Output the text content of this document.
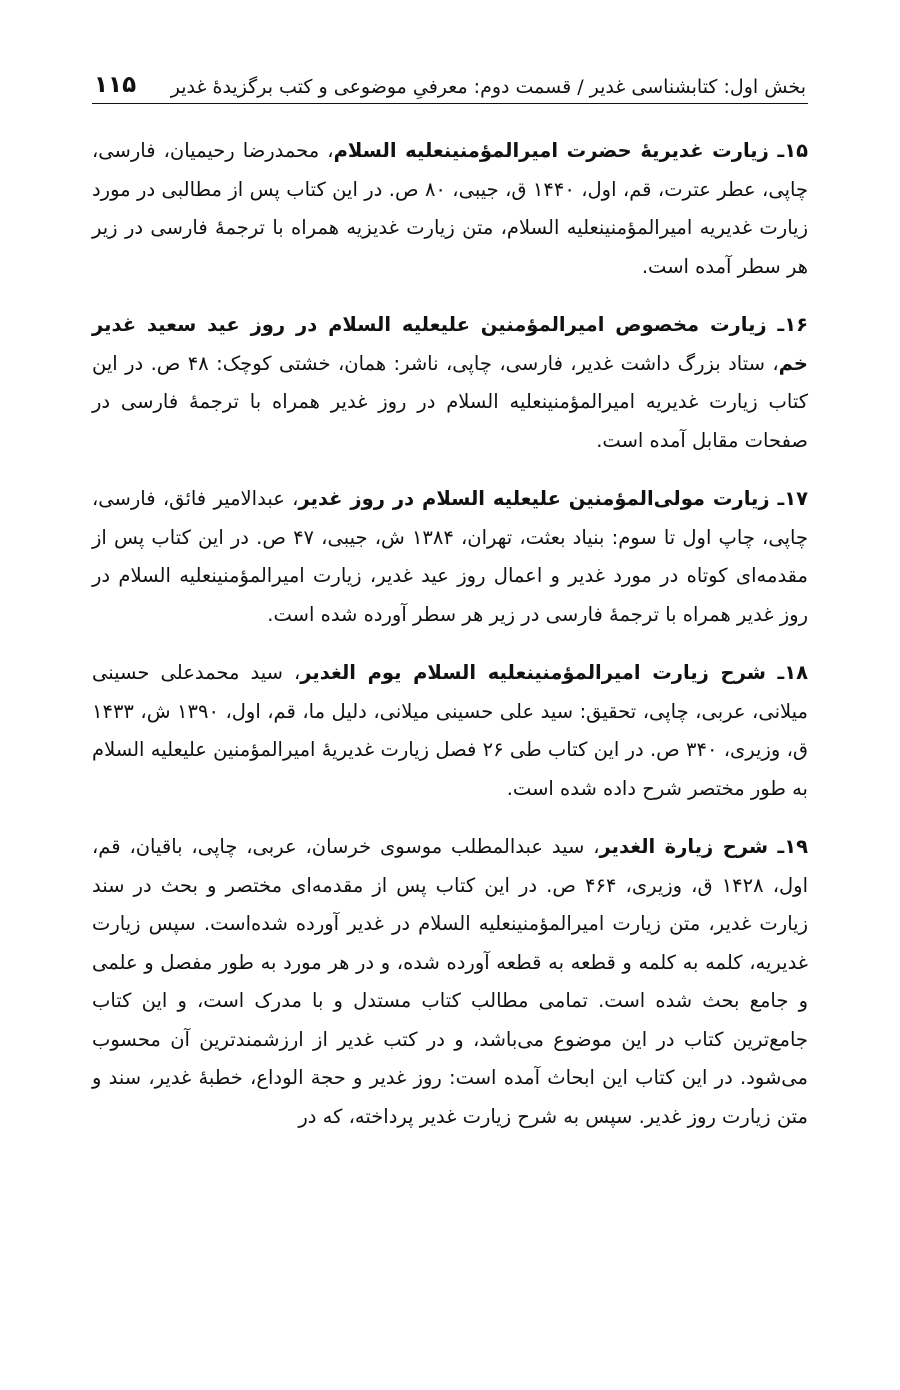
بخش اول: کتابشناسی غدیر / قسمت دوم: معرفیِ موضوعی و کتب برگزیدهٔ غدیر
۱۱۵

۱۵ـ زیارت غدیریهٔ حضرت امیرالمؤمنینعليه السلام، محمدرضا رحیمیان، فارسی، چاپی، عطر عترت، قم، اول، ۱۴۴۰ ق، جیبی، ۸۰ ص. در این کتاب پس از مطالبی در مورد زیارت غدیریه امیرالمؤمنینعليه السلام، متن زیارت غدیزیه همراه با ترجمهٔ فارسی در زیر هر سطر آمده است.

۱۶ـ زیارت مخصوص امیرالمؤمنین علیعليه السلام در روز عید سعید غدیر خم، ستاد بزرگ داشت غدیر، فارسی، چاپی، ناشر: همان، خشتی کوچک: ۴۸ ص. در این کتاب زیارت غدیریه امیرالمؤمنینعليه السلام در روز غدیر همراه با ترجمهٔ فارسی در صفحات مقابل آمده است.

۱۷ـ زیارت مولی‌المؤمنین علیعليه السلام در روز غدیر، عبدالامیر فائق، فارسی، چاپی، چاپ اول تا سوم: بنیاد بعثت، تهران، ۱۳۸۴ ش، جیبی، ۴۷ ص. در این کتاب پس از مقدمه‌ای کوتاه در مورد غدیر و اعمال روز عید غدیر، زیارت امیرالمؤمنینعليه السلام در روز غدیر همراه با ترجمهٔ فارسی در زیر هر سطر آورده شده است.

۱۸ـ شرح زیارت امیرالمؤمنینعليه السلام یوم الغدیر، سید محمدعلی حسینی میلانی، عربی، چاپی، تحقیق: سید علی حسینی میلانی، دلیل ما، قم، اول، ۱۳۹۰ ش، ۱۴۳۳ ق، وزیری، ۳۴۰ ص. در این کتاب طی ۲۶ فصل زیارت غدیریهٔ امیرالمؤمنین علیعليه السلام به طور مختصر شرح داده شده است.

۱۹ـ شرح زیارة الغدیر، سید عبدالمطلب موسوی خرسان، عربی، چاپی، باقیان، قم، اول، ۱۴۲۸ ق، وزیری، ۴۶۴ ص. در این کتاب پس از مقدمه‌ای مختصر و بحث در سند زیارت غدیر، متن زیارت امیرالمؤمنینعليه السلام در غدیر آورده شده‌است. سپس زیارت غدیریه، کلمه به کلمه و قطعه به قطعه آورده شده، و در هر مورد به طور مفصل و علمی و جامع بحث شده است. تمامی مطالب کتاب مستدل و با مدرک است، و این کتاب جامع‌ترین کتاب در این موضوع می‌باشد، و در کتب غدیر از ارزشمندترین آن محسوب می‌شود. در این کتاب این ابحاث آمده است: روز غدیر و حجة الوداع، خطبهٔ غدیر، سند و متن زیارت روز غدیر. سپس به شرح زیارت غدیر پرداخته، که در
